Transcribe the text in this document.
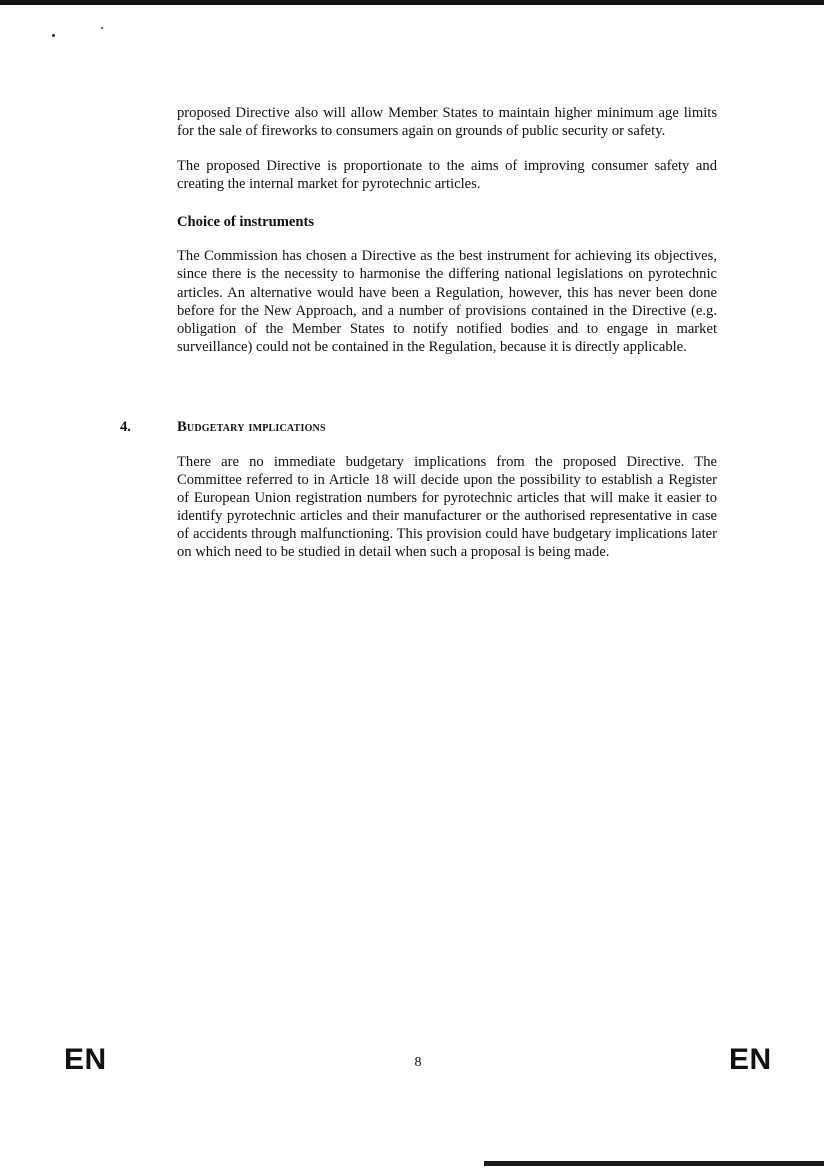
proposed Directive also will allow Member States to maintain higher minimum age limits for the sale of fireworks to consumers again on grounds of public security or safety.

The proposed Directive is proportionate to the aims of improving consumer safety and creating the internal market for pyrotechnic articles.

Choice of instruments

The Commission has chosen a Directive as the best instrument for achieving its objectives, since there is the necessity to harmonise the differing national legislations on pyrotechnic articles. An alternative would have been a Regulation, however, this has never been done before for the New Approach, and a number of provisions contained in the Directive (e.g. obligation of the Member States to notify notified bodies and to engage in market surveillance) could not be contained in the Regulation, because it is directly applicable.

4.	Budgetary implications

There are no immediate budgetary implications from the proposed Directive. The Committee referred to in Article 18 will decide upon the possibility to establish a Register of European Union registration numbers for pyrotechnic articles that will make it easier to identify pyrotechnic articles and their manufacturer or the authorised representative in case of accidents through malfunctioning. This provision could have budgetary implications later on which need to be studied in detail when such a proposal is being made.

EN	8	EN
